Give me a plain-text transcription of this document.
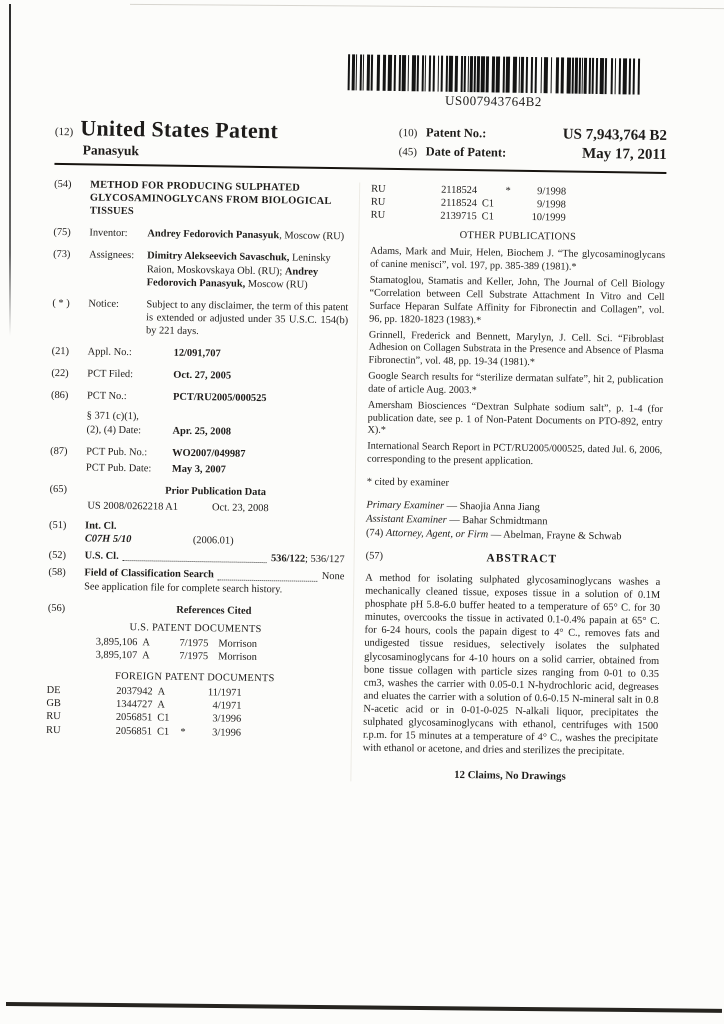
US007943764B2
(12) United States Patent
Panasyuk
(10) Patent No.:	US 7,943,764 B2
(45) Date of Patent:	May 17, 2011
(54)	METHOD FOR PRODUCING SULPHATED GLYCOSAMINOGLYCANS FROM BIOLOGICAL TISSUES
(75)	Inventor:	Andrey Fedorovich Panasyuk, Moscow (RU)
(73)	Assignees:	Dimitry Alekseevich Savaschuk, Leninsky Raion, Moskovskaya Obl. (RU); Andrey Fedorovich Panasyuk, Moscow (RU)
( * )	Notice:	Subject to any disclaimer, the term of this patent is extended or adjusted under 35 U.S.C. 154(b) by 221 days.
(21)	Appl. No.:	12/091,707
(22)	PCT Filed:	Oct. 27, 2005
(86)	PCT No.:	PCT/RU2005/000525
§ 371 (c)(1),
(2), (4) Date:	Apr. 25, 2008
(87)	PCT Pub. No.:	WO2007/049987
PCT Pub. Date:	May 3, 2007
(65)	Prior Publication Data
US 2008/0262218 A1	Oct. 23, 2008
(51)	Int. Cl.
C07H 5/10	(2006.01)
(52)	U.S. Cl.	536/122; 536/127
(58)	Field of Classification Search	None
See application file for complete search history.
(56)	References Cited
U.S. PATENT DOCUMENTS
3,895,106 A	7/1975 Morrison
3,895,107 A	7/1975 Morrison
FOREIGN PATENT DOCUMENTS
DE	2037942 A	11/1971
GB	1344727 A	4/1971
RU	2056851 C1	3/1996
RU	2056851 C1	*	3/1996
RU	2118524	*	9/1998
RU	2118524 C1	9/1998
RU	2139715 C1	10/1999
OTHER PUBLICATIONS
Adams, Mark and Muir, Helen, Biochem J. “The glycosaminoglycans of canine menisci”, vol. 197, pp. 385-389 (1981).*
Stamatoglou, Stamatis and Keller, John, The Journal of Cell Biology “Correlation between Cell Substrate Attachment In Vitro and Cell Surface Heparan Sulfate Affinity for Fibronectin and Collagen”, vol. 96, pp. 1820-1823 (1983).*
Grinnell, Frederick and Bennett, Marylyn, J. Cell. Sci. “Fibroblast Adhesion on Collagen Substrata in the Presence and Absence of Plasma Fibronectin”, vol. 48, pp. 19-34 (1981).*
Google Search results for “sterilize dermatan sulfate”, hit 2, publication date of article Aug. 2003.*
Amersham Biosciences “Dextran Sulphate sodium salt”, p. 1-4 (for publication date, see p. 1 of Non-Patent Documents on PTO-892, entry X).*
International Search Report in PCT/RU2005/000525, dated Jul. 6, 2006, corresponding to the present application.
* cited by examiner
Primary Examiner — Shaojia Anna Jiang
Assistant Examiner — Bahar Schmidtmann
(74) Attorney, Agent, or Firm — Abelman, Frayne & Schwab
(57)	ABSTRACT
A method for isolating sulphated glycosaminoglycans washes a mechanically cleaned tissue, exposes tissue in a solution of 0.1M phosphate pH 5.8-6.0 buffer heated to a temperature of 65° C. for 30 minutes, overcooks the tissue in activated 0.1-0.4% papain at 65° C. for 6-24 hours, cools the papain digest to 4° C., removes fats and undigested tissue residues, selectively isolates the sulphated glycosaminoglycans for 4-10 hours on a solid carrier, obtained from bone tissue collagen with particle sizes ranging from 0-01 to 0.35 cm3, washes the carrier with 0.05-0.1 N-hydrochloric acid, degreases and eluates the carrier with a solution of 0.6-0.15 N-mineral salt in 0.8 N-acetic acid or in 0-01-0-025 N-alkali liquor, precipitates the sulphated glycosaminoglycans with ethanol, centrifuges with 1500 r.p.m. for 15 minutes at a temperature of 4° C., washes the precipitate with ethanol or acetone, and dries and sterilizes the precipitate.
12 Claims, No Drawings
